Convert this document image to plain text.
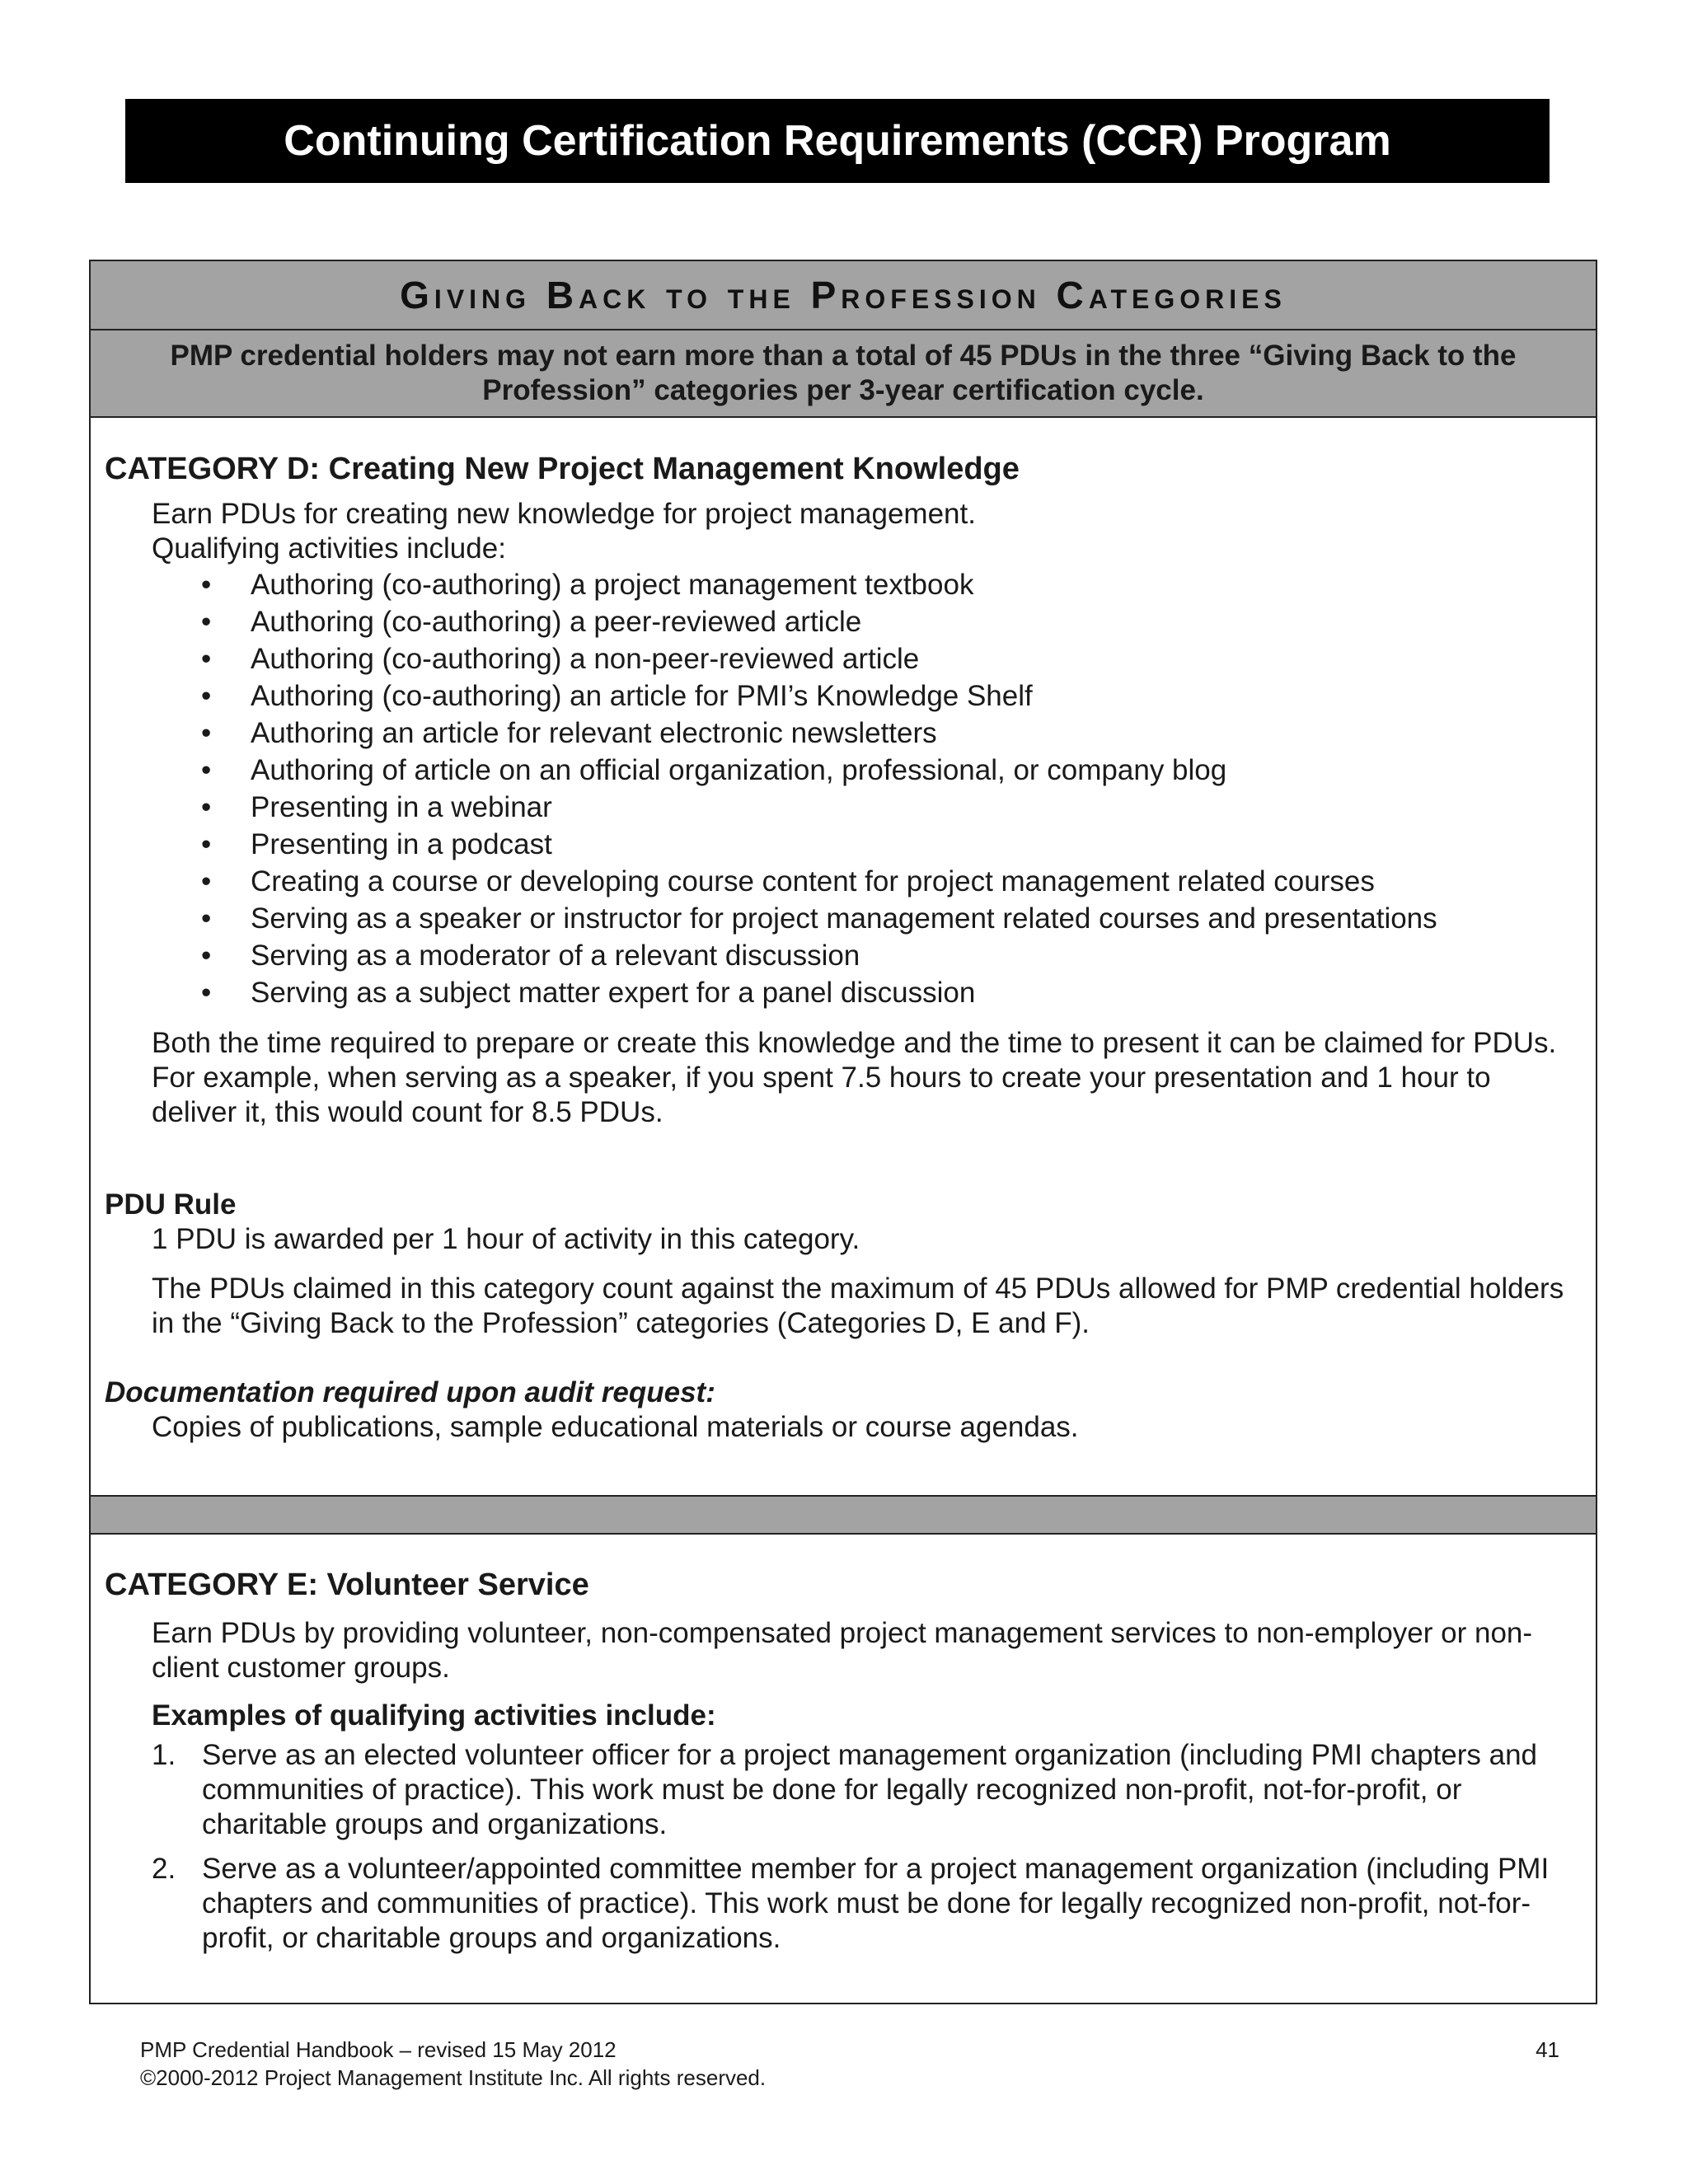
Continuing Certification Requirements (CCR) Program
Giving Back to the Profession Categories
PMP credential holders may not earn more than a total of 45 PDUs in the three “Giving Back to the Profession” categories per 3-year certification cycle.
CATEGORY D: Creating New Project Management Knowledge
Earn PDUs for creating new knowledge for project management.
Qualifying activities include:
• Authoring (co-authoring) a project management textbook
• Authoring (co-authoring) a peer-reviewed article
• Authoring (co-authoring) a non-peer-reviewed article
• Authoring (co-authoring) an article for PMI’s Knowledge Shelf
• Authoring an article for relevant electronic newsletters
• Authoring of article on an official organization, professional, or company blog
• Presenting in a webinar
• Presenting in a podcast
• Creating a course or developing course content for project management related courses
• Serving as a speaker or instructor for project management related courses and presentations
• Serving as a moderator of a relevant discussion
• Serving as a subject matter expert for a panel discussion
Both the time required to prepare or create this knowledge and the time to present it can be claimed for PDUs. For example, when serving as a speaker, if you spent 7.5 hours to create your presentation and 1 hour to deliver it, this would count for 8.5 PDUs.
PDU Rule
1 PDU is awarded per 1 hour of activity in this category.
The PDUs claimed in this category count against the maximum of 45 PDUs allowed for PMP credential holders in the “Giving Back to the Profession” categories (Categories D, E and F).
Documentation required upon audit request:
Copies of publications, sample educational materials or course agendas.
CATEGORY E: Volunteer Service
Earn PDUs by providing volunteer, non-compensated project management services to non-employer or non-client customer groups.
Examples of qualifying activities include:
1. Serve as an elected volunteer officer for a project management organization (including PMI chapters and communities of practice). This work must be done for legally recognized non-profit, not-for-profit, or charitable groups and organizations.
2. Serve as a volunteer/appointed committee member for a project management organization (including PMI chapters and communities of practice). This work must be done for legally recognized non-profit, not-for-profit, or charitable groups and organizations.
PMP Credential Handbook – revised 15 May 2012
©2000-2012 Project Management Institute Inc. All rights reserved.
41
